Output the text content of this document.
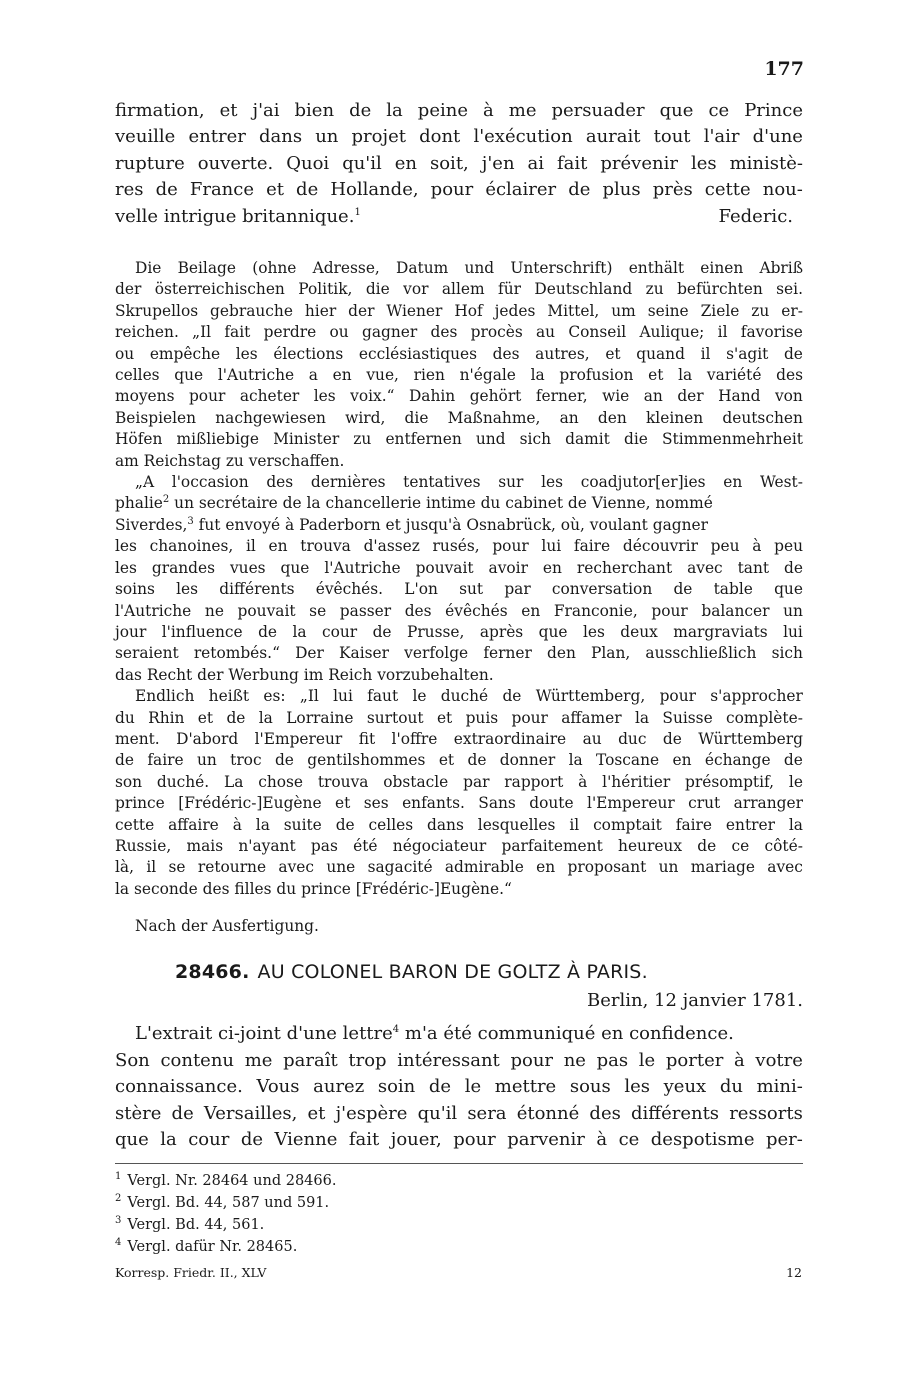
177
firmation, et j'ai bien de la peine à me persuader que ce Prince
veuille entrer dans un projet dont l'exécution aurait tout l'air d'une
rupture ouverte. Quoi qu'il en soit, j'en ai fait prévenir les ministè-
res de France et de Hollande, pour éclairer de plus près cette nou-
velle intrigue britannique.$^1$	Federic.
Die Beilage (ohne Adresse, Datum und Unterschrift) enthält einen Abriß
der österreichischen Politik, die vor allem für Deutschland zu befürchten sei.
Skrupellos gebrauche hier der Wiener Hof jedes Mittel, um seine Ziele zu er-
reichen. „Il fait perdre ou gagner des procès au Conseil Aulique; il favorise
ou empêche les élections ecclésiastiques des autres, et quand il s'agit de
celles que l'Autriche a en vue, rien n'égale la profusion et la variété des
moyens pour acheter les voix.“ Dahin gehört ferner, wie an der Hand von
Beispielen nachgewiesen wird, die Maßnahme, an den kleinen deutschen
Höfen mißliebige Minister zu entfernen und sich damit die Stimmenmehrheit
am Reichstag zu verschaffen.
„A l'occasion des dernières tentatives sur les coadjutor[er]ies en West-
phalie$^2$ un secrétaire de la chancellerie intime du cabinet de Vienne, nommé
Siverdes,$^3$ fut envoyé à Paderborn et jusqu'à Osnabrück, où, voulant gagner
les chanoines, il en trouva d'assez rusés, pour lui faire découvrir peu à peu
les grandes vues que l'Autriche pouvait avoir en recherchant avec tant de
soins les différents évêchés. L'on sut par conversation de table que
l'Autriche ne pouvait se passer des évêchés en Franconie, pour balancer un
jour l'influence de la cour de Prusse, après que les deux margraviats lui
seraient retombés.“ Der Kaiser verfolge ferner den Plan, ausschließlich sich
das Recht der Werbung im Reich vorzubehalten.
Endlich heißt es: „Il lui faut le duché de Württemberg, pour s'approcher
du Rhin et de la Lorraine surtout et puis pour affamer la Suisse complète-
ment. D'abord l'Empereur fit l'offre extraordinaire au duc de Württemberg
de faire un troc de gentilshommes et de donner la Toscane en échange de
son duché. La chose trouva obstacle par rapport à l'héritier présomptif, le
prince [Frédéric-]Eugène et ses enfants. Sans doute l'Empereur crut arranger
cette affaire à la suite de celles dans lesquelles il comptait faire entrer la
Russie, mais n'ayant pas été négociateur parfaitement heureux de ce côté-
là, il se retourne avec une sagacité admirable en proposant un mariage avec
la seconde des filles du prince [Frédéric-]Eugène.“
Nach der Ausfertigung.
28466. AU COLONEL BARON DE GOLTZ À PARIS.
Berlin, 12 janvier 1781.
L'extrait ci-joint d'une lettre$^4$ m'a été communiqué en confidence.
Son contenu me paraît trop intéressant pour ne pas le porter à votre
connaissance. Vous aurez soin de le mettre sous les yeux du mini-
stère de Versailles, et j'espère qu'il sera étonné des différents ressorts
que la cour de Vienne fait jouer, pour parvenir à ce despotisme per-
$^1$ Vergl. Nr. 28464 und 28466.
$^2$ Vergl. Bd. 44, 587 und 591.
$^3$ Vergl. Bd. 44, 561.
$^4$ Vergl. dafür Nr. 28465.
Korresp. Friedr. II., XLV	12
